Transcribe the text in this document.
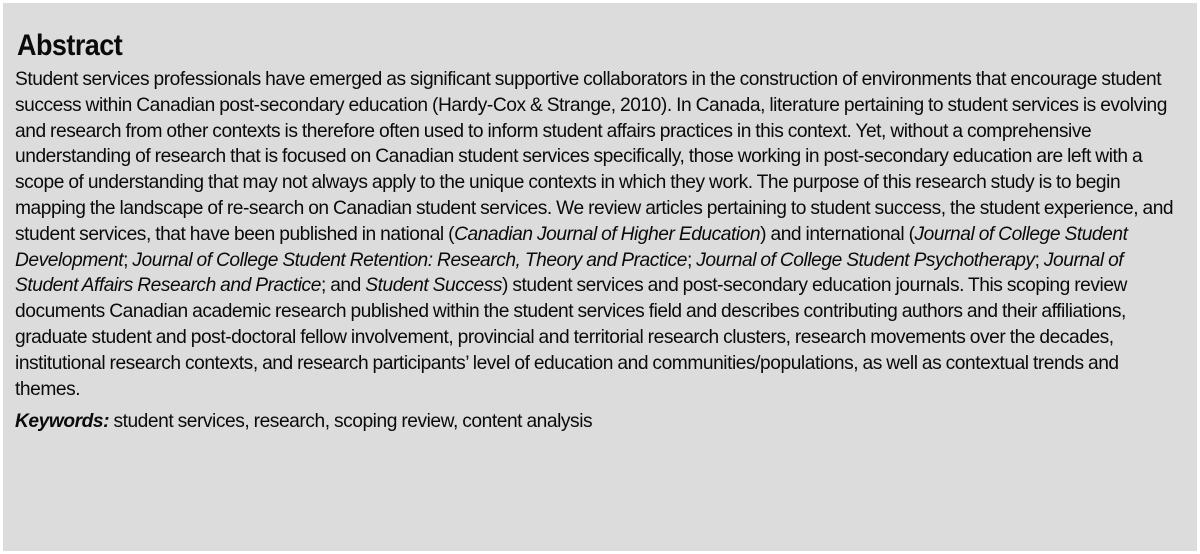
Abstract

Student services professionals have emerged as significant supportive collaborators in the construction of environments that encourage student success within Canadian post-secondary education (Hardy-Cox & Strange, 2010). In Canada, literature pertaining to student services is evolving and research from other contexts is therefore often used to inform student affairs practices in this context. Yet, without a comprehensive understanding of research that is focused on Canadian student services specifically, those working in post-secondary education are left with a scope of understanding that may not always apply to the unique contexts in which they work. The purpose of this research study is to begin mapping the landscape of re-search on Canadian student services. We review articles pertaining to student success, the student experience, and student services, that have been published in national (Canadian Journal of Higher Education) and international (Journal of College Student Development; Journal of College Student Retention: Research, Theory and Practice; Journal of College Student Psychotherapy; Journal of Student Affairs Research and Practice; and Student Success) student services and post-secondary education journals. This scoping review documents Canadian academic research published within the student services field and describes contributing authors and their affiliations, graduate student and post-doctoral fellow involvement, provincial and territorial research clusters, research movements over the decades, institutional research contexts, and research participants’ level of education and communities/populations, as well as contextual trends and themes.

Keywords: student services, research, scoping review, content analysis
